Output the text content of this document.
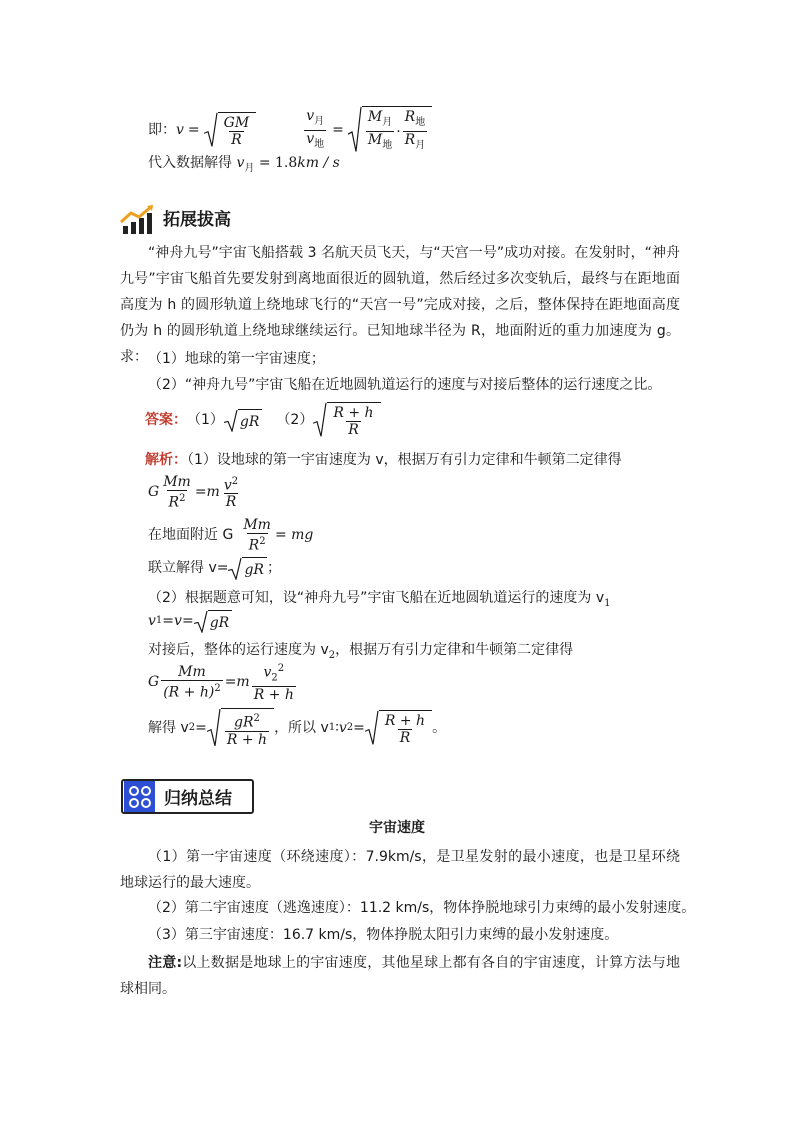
即： $v = \frac{GM}{R}$	$\frac{v_月}{v_地} = \frac{M_月}{M_地} \cdot \frac{R_地}{R_月}$
代入数据解得 $v_月 = 1.8km / s$
拓展拔高
“神舟九号”宇宙飞船搭载 3 名航天员飞天，与“天宫一号”成功对接。在发射时，“神舟九号”宇宙飞船首先要发射到离地面很近的圆轨道，然后经过多次变轨后，最终与在距地面高度为 h 的圆形轨道上绕地球飞行的“天宫一号”完成对接，之后，整体保持在距地面高度仍为 h 的圆形轨道上绕地球继续运行。已知地球半径为 R，地面附近的重力加速度为 g。求： （1）地球的第一宇宙速度；
（2）“神舟九号”宇宙飞船在近地圆轨道运行的速度与对接后整体的运行速度之比。
答案： （1） gR $(2) \frac{R + h}{R}$
解析：（1）设地球的第一宇宙速度为 v，根据万有引力定律和牛顿第二定律得
G $\frac{Mm}{R^2} = m \frac{v^2}{R}$
在地面附近 G $\frac{Mm}{R^2}$ = mg
联立解得 v= gR ；
（2）根据题意可知，设“神舟九号”宇宙飞船在近地圆轨道运行的速度为 $v_1$
v 1 = v = gR
对接后，整体的运行速度为 $v_2$，根据万有引力定律和牛顿第二定律得
G $\frac{Mm}{(R + h)^2} = m \frac{v_2^2}{R + h}$
解得 v $2 = \frac{gR^2}{R + h}$ ，所以 v 1 ∶ v $2 = \frac{R + h}{R}$ 。
归纳总结
宇宙速度
（1）第一宇宙速度（环绕速度）：7.9km/s，是卫星发射的最小速度，也是卫星环绕地球运行的最大速度。
（2）第二宇宙速度（逃逸速度）：11.2 km/s，物体挣脱地球引力束缚的最小发射速度。
（3）第三宇宙速度：16.7 km/s，物体挣脱太阳引力束缚的最小发射速度。
注意:以上数据是地球上的宇宙速度，其他星球上都有各自的宇宙速度，计算方法与地球相同。
